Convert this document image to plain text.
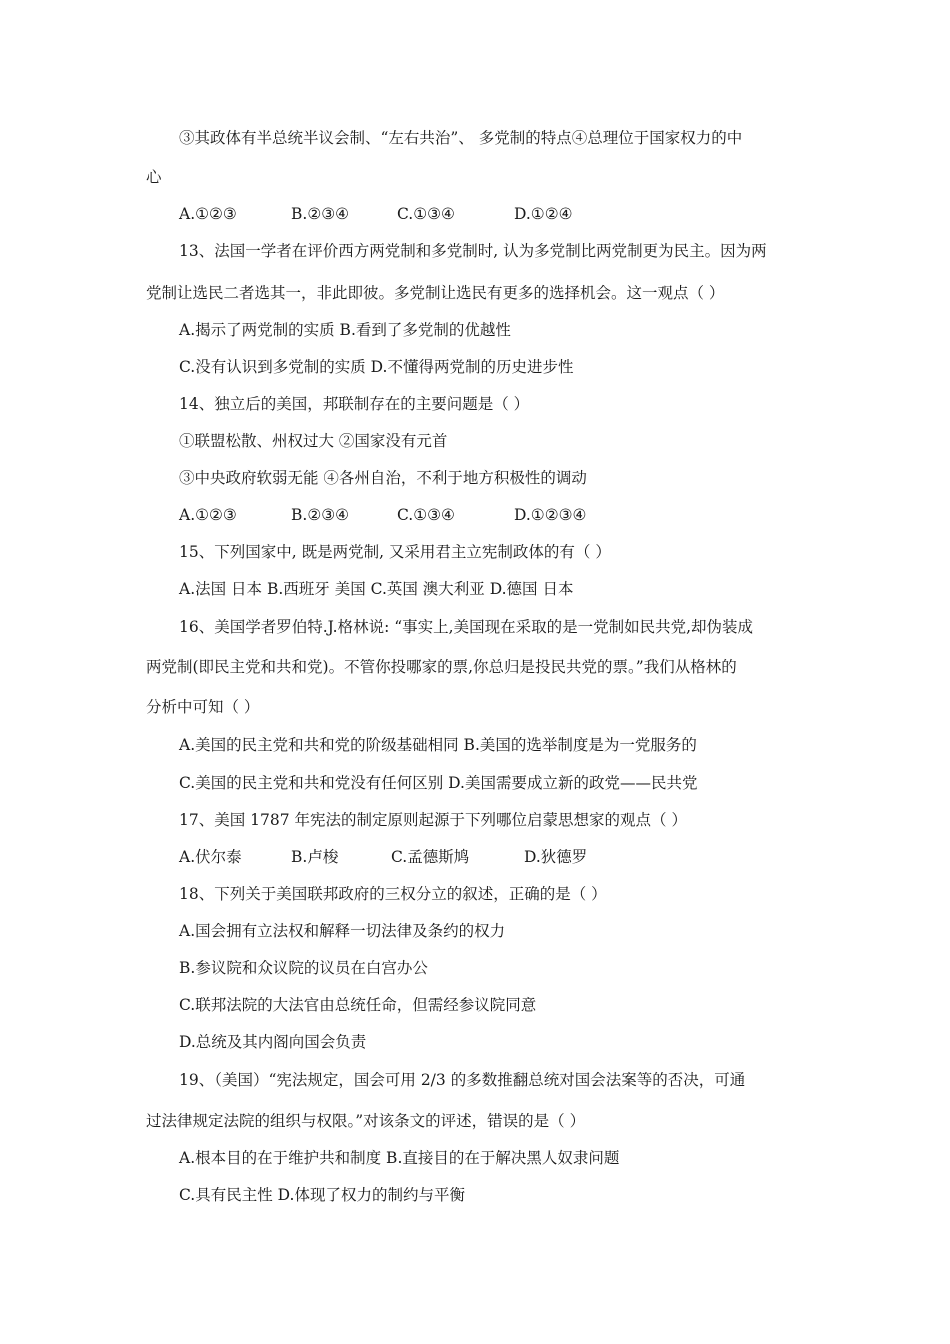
③其政体有半总统半议会制、“左右共治”、 多党制的特点④总理位于国家权力的中
心
A.①②③	B.②③④	C.①③④	D.①②④
13、法国一学者在评价西方两党制和多党制时, 认为多党制比两党制更为民主。因为两
党制让选民二者选其一，非此即彼。多党制让选民有更多的选择机会。这一观点（ ）
A.揭示了两党制的实质 B.看到了多党制的优越性
C.没有认识到多党制的实质 D.不懂得两党制的历史进步性
14、独立后的美国，邦联制存在的主要问题是（ ）
①联盟松散、州权过大 ②国家没有元首
③中央政府软弱无能 ④各州自治，不利于地方积极性的调动
A.①②③	B.②③④	C.①③④	D.①②③④
15、下列国家中, 既是两党制, 又采用君主立宪制政体的有（ ）
A.法国 日本 B.西班牙 美国 C.英国 澳大利亚 D.德国 日本
16、美国学者罗伯特.J.格林说: “事实上,美国现在采取的是一党制如民共党,却伪装成
两党制(即民主党和共和党)。不管你投哪家的票,你总归是投民共党的票。”我们从格林的
分析中可知（ ）
A.美国的民主党和共和党的阶级基础相同 B.美国的选举制度是为一党服务的
C.美国的民主党和共和党没有任何区别 D.美国需要成立新的政党——民共党
17、美国 1787 年宪法的制定原则起源于下列哪位启蒙思想家的观点（ ）
A.伏尔泰	B.卢梭	C.孟德斯鸠	D.狄德罗
18、下列关于美国联邦政府的三权分立的叙述，正确的是（ ）
A.国会拥有立法权和解释一切法律及条约的权力
B.参议院和众议院的议员在白宫办公
C.联邦法院的大法官由总统任命，但需经参议院同意
D.总统及其内阁向国会负责
19、（美国）“宪法规定，国会可用 2/3 的多数推翻总统对国会法案等的否决，可通
过法律规定法院的组织与权限。”对该条文的评述，错误的是（ ）
A.根本目的在于维护共和制度 B.直接目的在于解决黑人奴隶问题
C.具有民主性 D.体现了权力的制约与平衡
